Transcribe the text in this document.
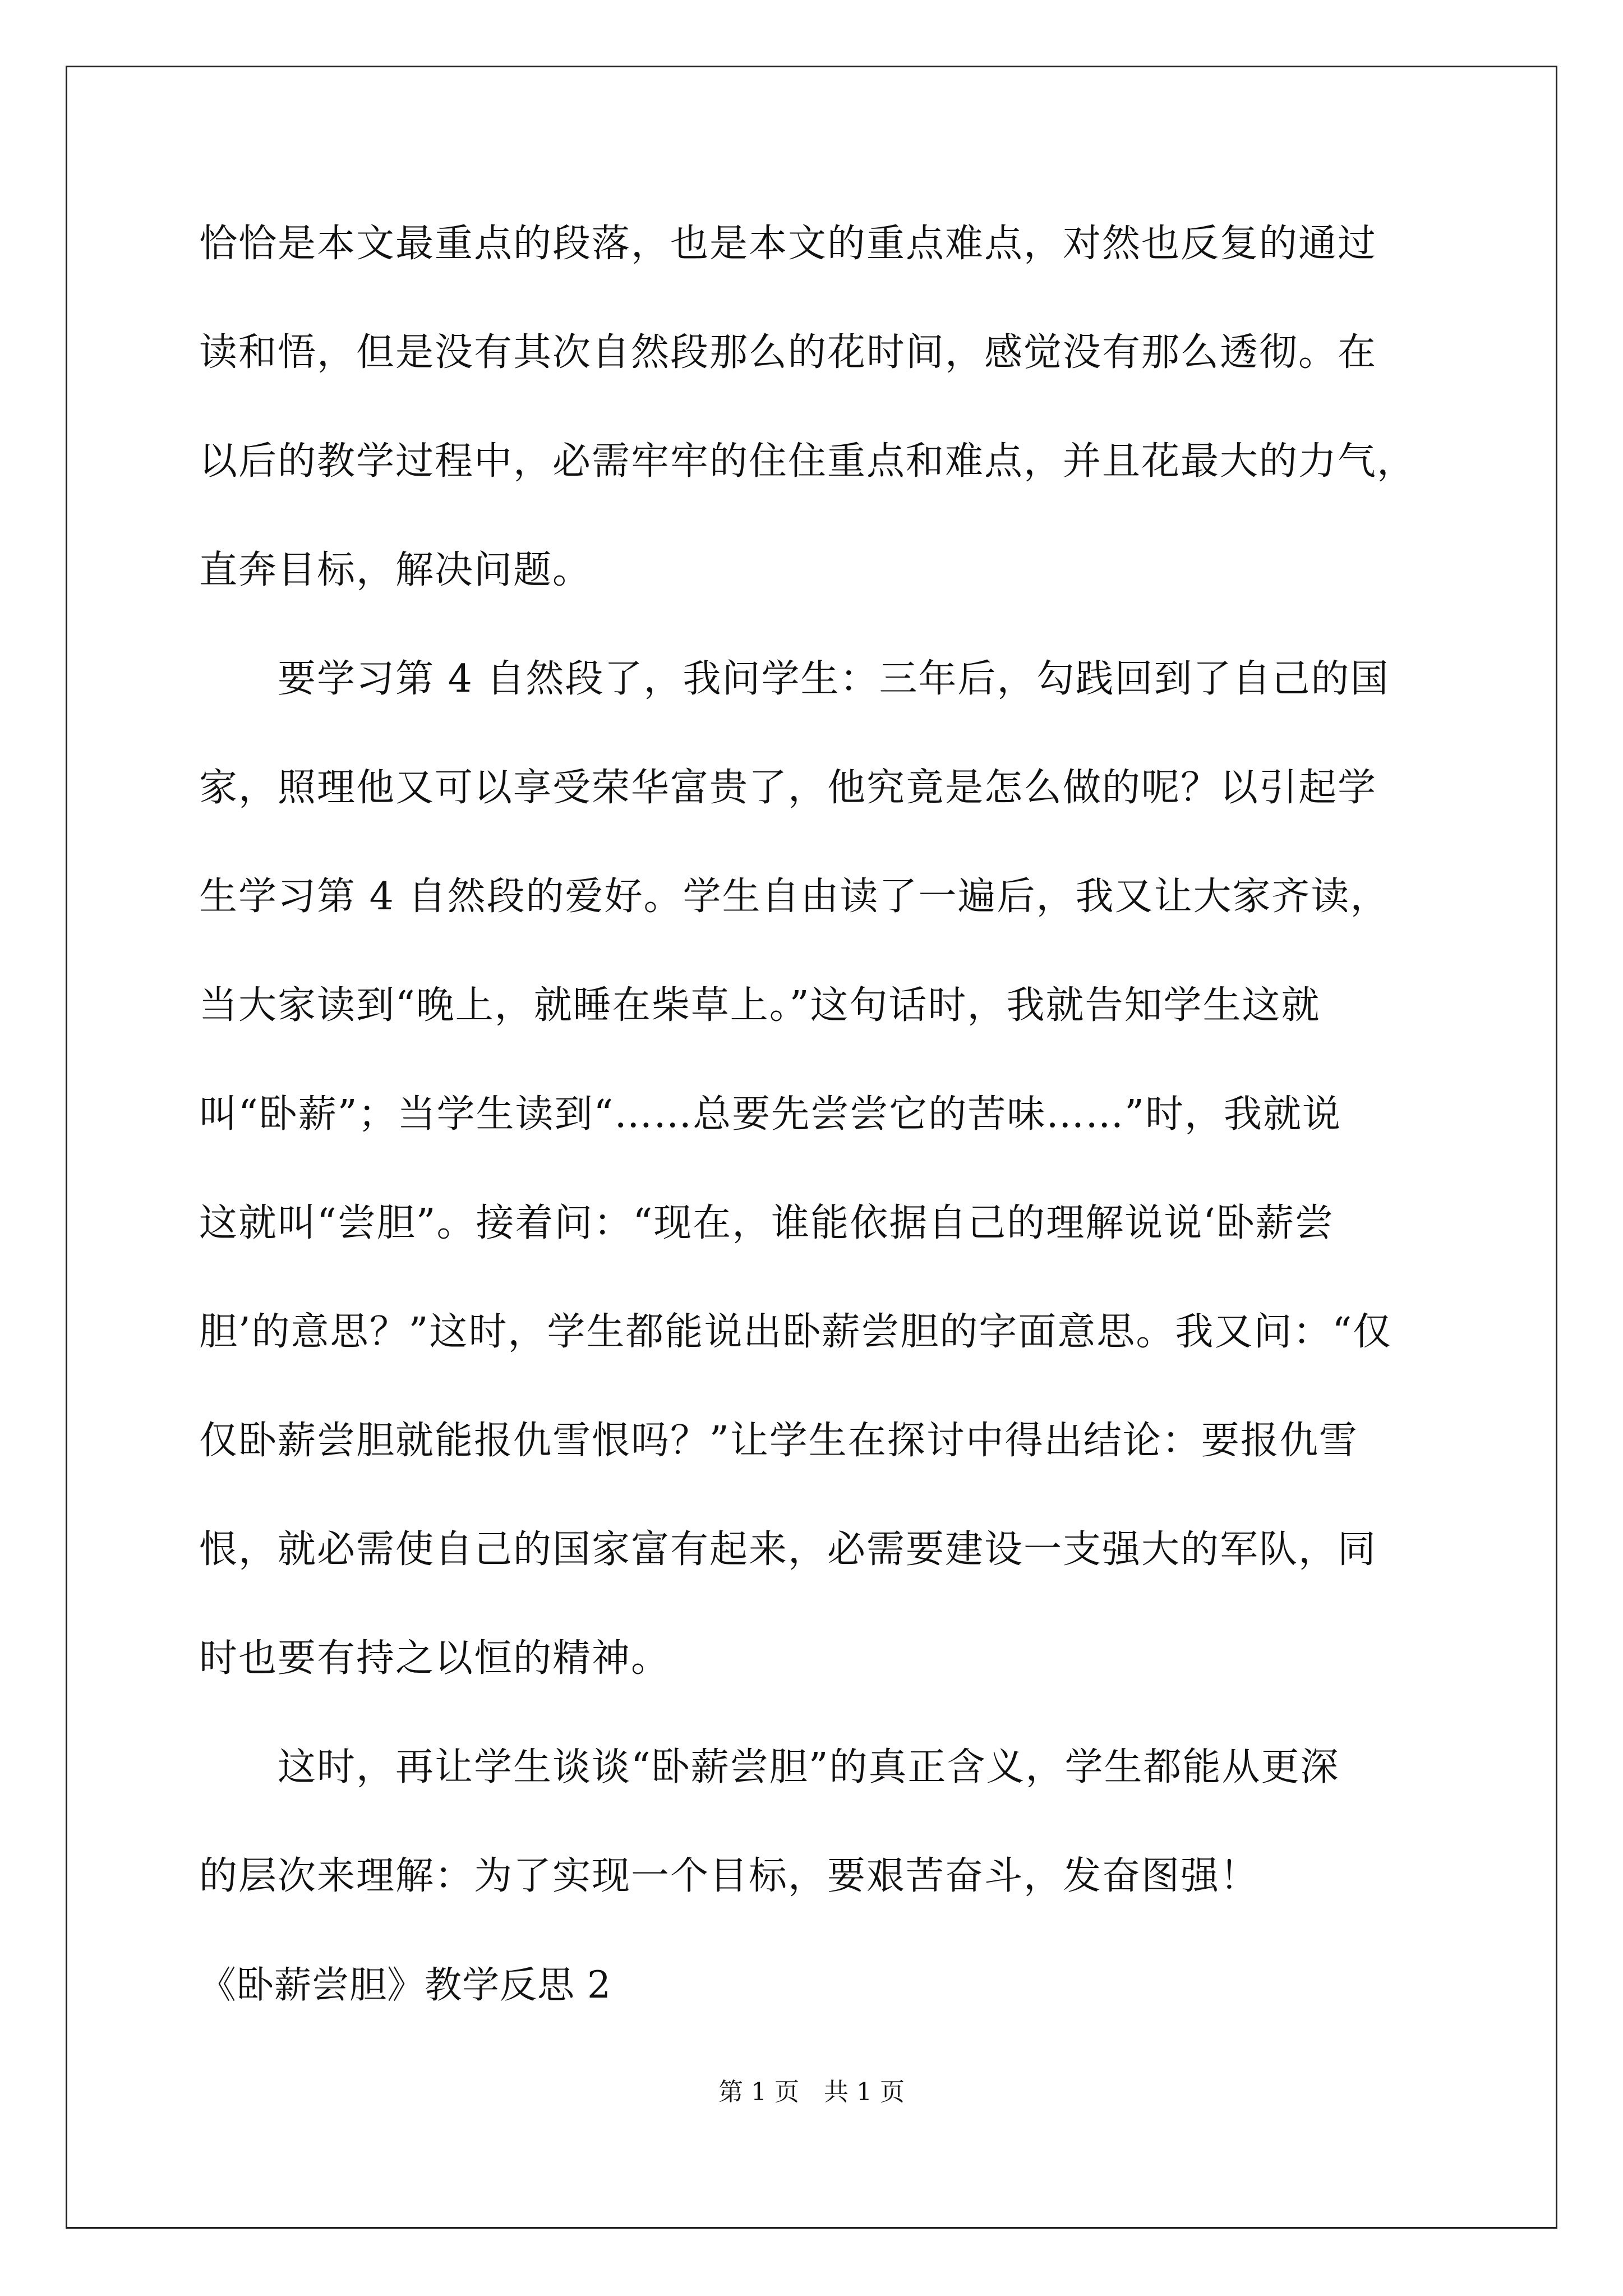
恰恰是本文最重点的段落，也是本文的重点难点，对然也反复的通过
读和悟，但是没有其次自然段那么的花时间，感觉没有那么透彻。在
以后的教学过程中，必需牢牢的住住重点和难点，并且花最大的力气，
直奔目标，解决问题。
　　要学习第 4 自然段了，我问学生：三年后，勾践回到了自己的国
家，照理他又可以享受荣华富贵了，他究竟是怎么做的呢？以引起学
生学习第 4 自然段的爱好。学生自由读了一遍后，我又让大家齐读，
当大家读到“晚上，就睡在柴草上。”这句话时，我就告知学生这就
叫“卧薪”；当学生读到“……总要先尝尝它的苦味……”时，我就说
这就叫“尝胆”。接着问：“现在，谁能依据自己的理解说说‘卧薪尝
胆’的意思？”这时，学生都能说出卧薪尝胆的字面意思。我又问：“仅
仅卧薪尝胆就能报仇雪恨吗？”让学生在探讨中得出结论：要报仇雪
恨，就必需使自己的国家富有起来，必需要建设一支强大的军队，同
时也要有持之以恒的精神。
　　这时，再让学生谈谈“卧薪尝胆”的真正含义，学生都能从更深
的层次来理解：为了实现一个目标，要艰苦奋斗，发奋图强！
《卧薪尝胆》教学反思 2
第 1 页　共 1 页
